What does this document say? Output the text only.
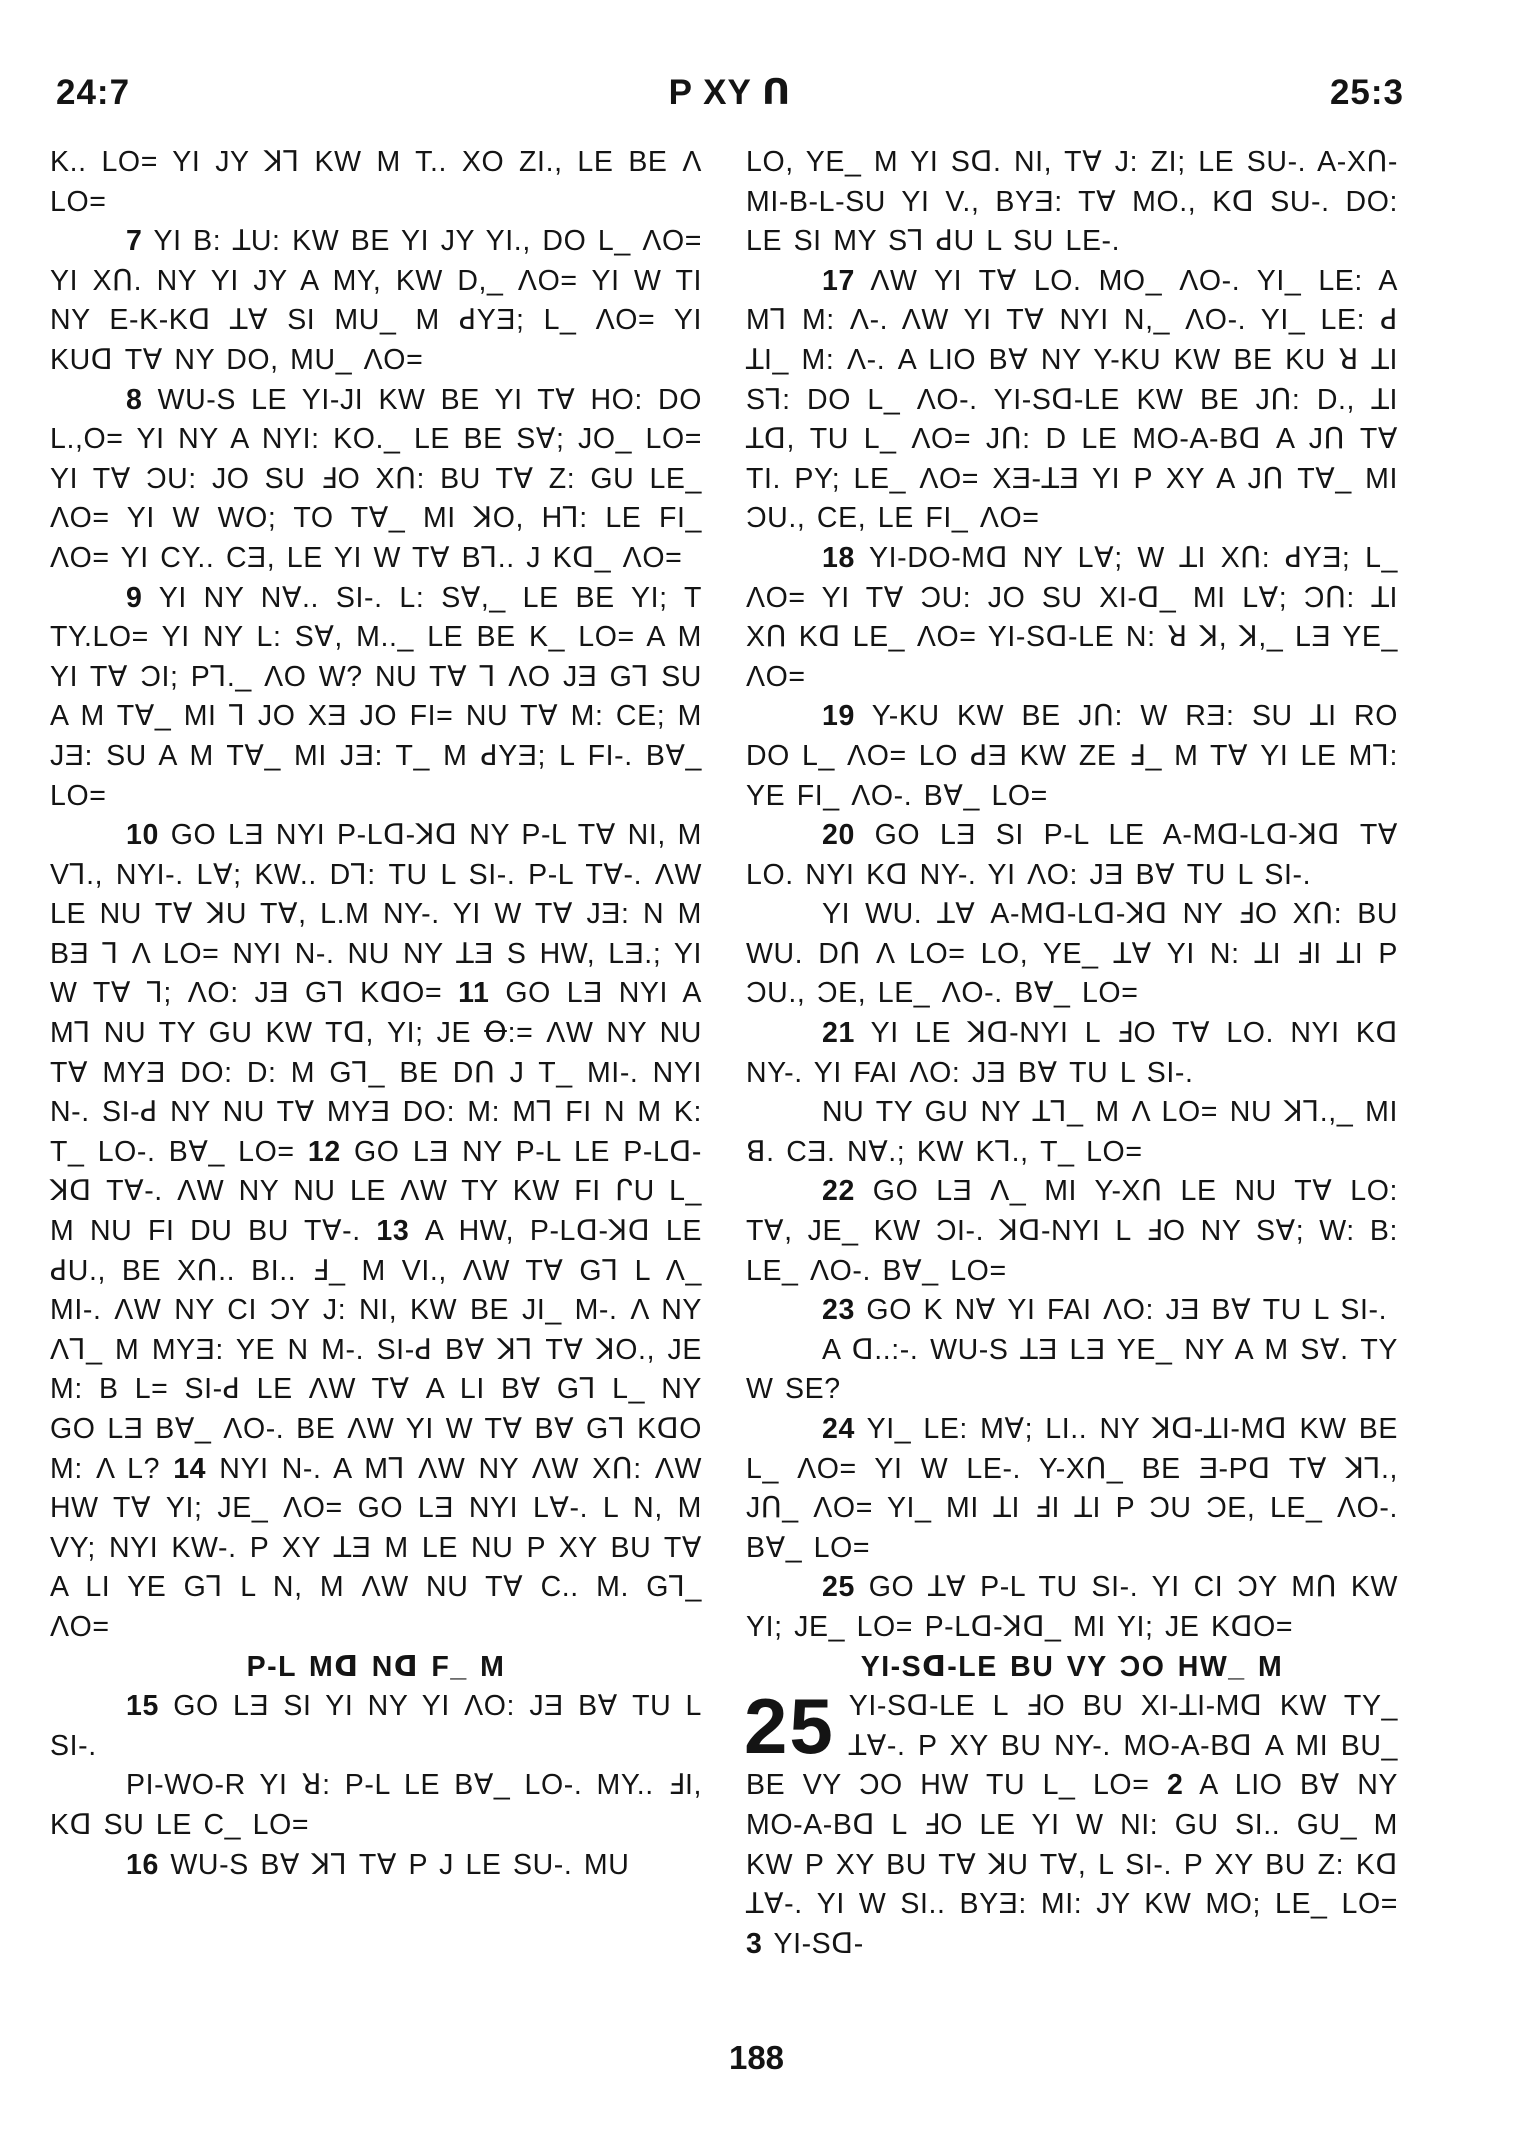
24:7	P XY ᑎ	25:3

K.. LO= YI JY ꓘꓶ KW M T.. XO ZI., LE BE Λ LO=

7 YI B: ꓕU: KW BE YI JY YI., DO L_ ΛO= YI Xᑎ. NY YI JY A MY, KW D,_ ΛO= YI W TI NY E-K-Kꓷ ꓕꓯ SI MU_ M ꓒYƎ; L_ ΛO= YI KUꓷ Tꓯ NY DO, MU_ ΛO=

8 WU-S LE YI-JI KW BE YI Tꓯ HO: DO L.,O= YI NY A NYI: KO._ LE BE Sꓯ; JO_ LO= YI Tꓯ ƆU: JO SU ꓞO Xᑎ: BU Tꓯ Z: GU LE_ ΛO= YI W WO; TO Tꓯ_ MI ꓘO, Hꓶ: LE FI_ ΛO= YI CY.. CƎ, LE YI W Tꓯ Bꓶ.. J Kꓷ_ ΛO=

9 YI NY Nꓯ.. SI-. L: Sꓯ,_ LE BE YI; T TY.LO= YI NY L: Sꓯ, M.._ LE BE K_ LO= A M YI Tꓯ ƆI; Pꓶ._ ΛO W? NU Tꓯ ꓶ ΛO JƎ Gꓶ SU A M Tꓯ_ MI ꓶ JO XƎ JO FI= NU Tꓯ M: CE; M JƎ: SU A M Tꓯ_ MI JƎ: T_ M ꓒYƎ; L FI-. Bꓯ_ LO=

10 GO LƎ NYI P-Lꓷ-ꓘꓷ NY P-L Tꓯ NI, M Vꓶ., NYI-. Lꓯ; KW.. Dꓶ: TU L SI-. P-L Tꓯ-. ΛW LE NU Tꓯ ꓘU Tꓯ, L.M NY-. YI W Tꓯ JƎ: N M BƎ ꓶ Λ LO= NYI N-. NU NY ꓕƎ S HW, LƎ.; YI W Tꓯ ꓶ; ΛO: JƎ Gꓶ KꓷO= 11 GO LƎ NYI A Mꓶ NU TY GU KW Tꓷ, YI; JE Ꝋ:= ΛW NY NU Tꓯ MYƎ DO: D: M Gꓶ_ BE Dᑎ J T_ MI-. NYI N-. SI-ꓒ NY NU Tꓯ MYƎ DO: M: Mꓶ FI N M K: T_ LO-. Bꓯ_ LO= 12 GO LƎ NY P-L LE P-Lꓷ-ꓘꓷ Tꓯ-. ΛW NY NU LE ΛW TY KW FI ᒋU L_ M NU FI DU BU Tꓯ-. 13 A HW, P-Lꓷ-ꓘꓷ LE ꓒU., BE Xᑎ.. BI.. ꓞ_ M VI., ΛW Tꓯ Gꓶ L Λ_ MI-. ΛW NY CI ƆY J: NI, KW BE JI_ M-. Λ NY Λꓶ_ M MYƎ: YE N M-. SI-ꓒ Bꓯ ꓘꓶ Tꓯ ꓘO., JE M: B L= SI-ꓒ LE ΛW Tꓯ A LI Bꓯ Gꓶ L_ NY GO LƎ Bꓯ_ ΛO-. BE ΛW YI W Tꓯ Bꓯ Gꓶ KꓷO M: Λ L? 14 NYI N-. A Mꓶ ΛW NY ΛW Xᑎ: ΛW HW Tꓯ YI; JE_ ΛO= GO LƎ NYI Lꓯ-. L N, M VY; NYI KW-. P XY ꓕƎ M LE NU P XY BU Tꓯ A LI YE Gꓶ L N, M ΛW NU Tꓯ C.. M. Gꓶ_ ΛO=

P-L Mꓷ Nꓷ F_ M

15 GO LƎ SI YI NY YI ΛO: JƎ Bꓯ TU L SI-.

PI-WO-R YI ꓤ: P-L LE Bꓯ_ LO-. MY.. ꓞI, Kꓷ SU LE C_ LO=

16 WU-S Bꓯ ꓘꓶ Tꓯ P J LE SU-. MU

LO, YE_ M YI Sꓷ. NI, Tꓯ J: ZI; LE SU-. A-Xᑎ-MI-B-L-SU YI V., BYƎ: Tꓯ MO., Kꓷ SU-. DO: LE SI MY Sꓶ ꓒU L SU LE-.

17 ΛW YI Tꓯ LO. MO_ ΛO-. YI_ LE: A Mꓶ M: Λ-. ΛW YI Tꓯ NYI N,_ ΛO-. YI_ LE: ꓒ ꓕI_ M: Λ-. A LIO Bꓯ NY Y-KU KW BE KU ꓤ ꓕI Sꓶ: DO L_ ΛO-. YI-Sꓷ-LE KW BE Jᑎ: D., ꓕI ꓕꓷ, TU L_ ΛO= Jᑎ: D LE MO-A-Bꓷ A Jᑎ Tꓯ TI. PY; LE_ ΛO= XƎ-ꓕƎ YI P XY A Jᑎ Tꓯ_ MI ƆU., CE, LE FI_ ΛO=

18 YI-DO-Mꓷ NY Lꓯ; W ꓕI Xᑎ: ꓒYƎ; L_ ΛO= YI Tꓯ ƆU: JO SU XI-ꓷ_ MI Lꓯ; Ɔᑎ: ꓕI Xᑎ Kꓷ LE_ ΛO= YI-Sꓷ-LE N: ꓤ ꓘ, ꓘ,_ LƎ YE_ ΛO=

19 Y-KU KW BE Jᑎ: W RƎ: SU ꓕI RO DO L_ ΛO= LO ꓒƎ KW ZE ꓞ_ M Tꓯ YI LE Mꓶ: YE FI_ ΛO-. Bꓯ_ LO=

20 GO LƎ SI P-L LE A-Mꓷ-Lꓷ-ꓘꓷ Tꓯ LO. NYI Kꓷ NY-. YI ΛO: JƎ Bꓯ TU L SI-.

YI WU. ꓕꓯ A-Mꓷ-Lꓷ-ꓘꓷ NY ꓞO Xᑎ: BU WU. Dᑎ Λ LO= LO, YE_ ꓕꓯ YI N: ꓕI ꓞI ꓕI P ƆU., ƆE, LE_ ΛO-. Bꓯ_ LO=

21 YI LE ꓘꓷ-NYI L ꓞO Tꓯ LO. NYI Kꓷ NY-. YI FAI ΛO: JƎ Bꓯ TU L SI-.

NU TY GU NY ꓕꓶ_ M Λ LO= NU ꓘꓶ.,_ MI ꓭ. CƎ. Nꓯ.; KW Kꓶ., T_ LO=

22 GO LƎ Λ_ MI Y-Xᑎ LE NU Tꓯ LO: Tꓯ, JE_ KW ƆI-. ꓘꓷ-NYI L ꓞO NY Sꓯ; W: B: LE_ ΛO-. Bꓯ_ LO=

23 GO K Nꓯ YI FAI ΛO: JƎ Bꓯ TU L SI-.

A ꓷ..:-. WU-S ꓕƎ LƎ YE_ NY A M Sꓯ. TY W SE?

24 YI_ LE: Mꓯ; LI.. NY ꓘꓷ-ꓕI-Mꓷ KW BE L_ ΛO= YI W LE-. Y-Xᑎ_ BE Ǝ-Pꓷ Tꓯ ꓘꓶ., Jᑎ_ ΛO= YI_ MI ꓕI ꓞI ꓕI P ƆU ƆE, LE_ ΛO-. Bꓯ_ LO=

25 GO ꓕꓯ P-L TU SI-. YI CI ƆY Mᑎ KW YI; JE_ LO= P-Lꓷ-ꓘꓷ_ MI YI; JE KꓷO=

YI-Sꓷ-LE BU VY ƆO HW_ M

25 YI-Sꓷ-LE L ꓞO BU XI-ꓕI-Mꓷ KW TY_ ꓕꓯ-. P XY BU NY-. MO-A-Bꓷ A MI BU_ BE VY ƆO HW TU L_ LO= 2 A LIO Bꓯ NY MO-A-Bꓷ L ꓞO LE YI W NI: GU SI.. GU_ M KW P XY BU Tꓯ ꓘU Tꓯ, L SI-. P XY BU Z: Kꓷ ꓕꓯ-. YI W SI.. BYƎ: MI: JY KW MO; LE_ LO= 3 YI-Sꓷ-

188
